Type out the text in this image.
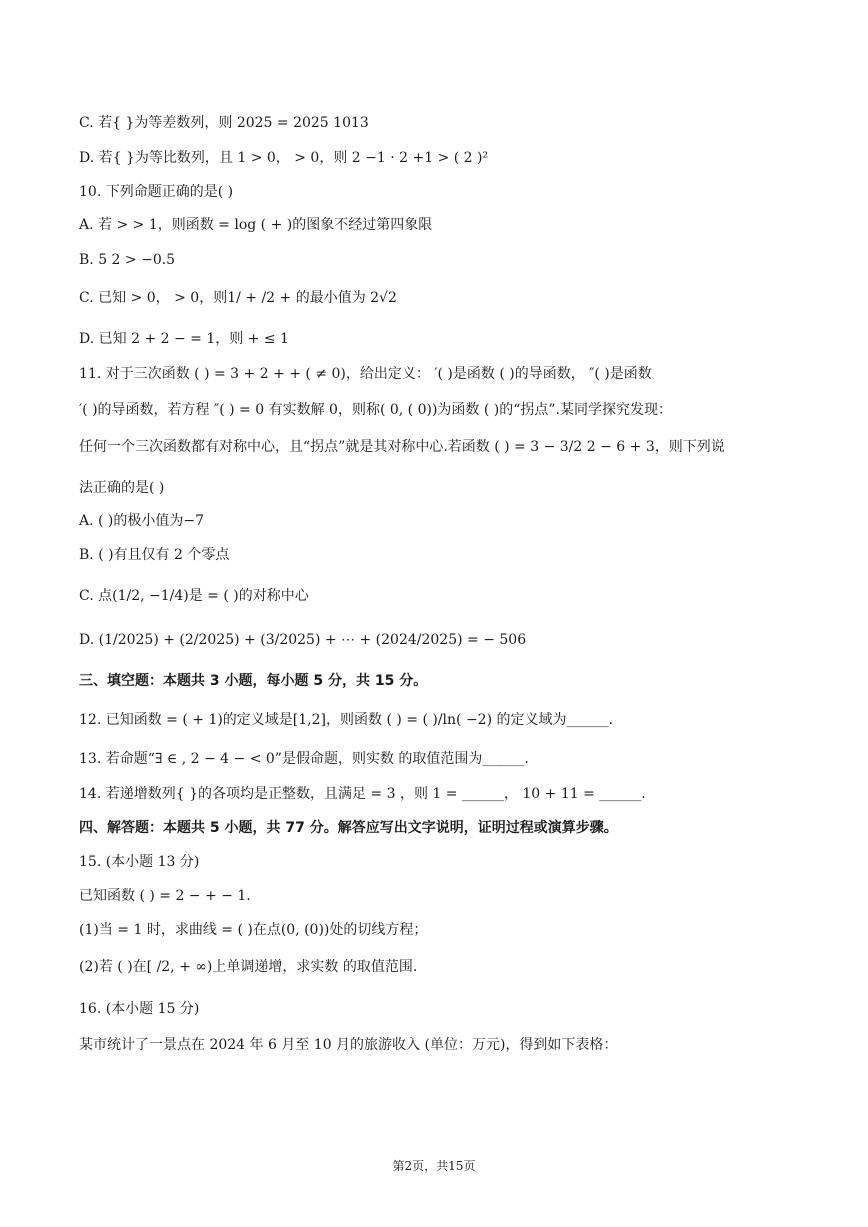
C. 若{ }为等差数列，则 2025 = 2025 1013
D. 若{ }为等比数列，且 1 > 0， > 0，则 2 −1 · 2 +1 > ( 2 )²
10. 下列命题正确的是( )
A. 若 > > 1，则函数 = log ( + )的图象不经过第四象限
B. 5 2 > −0.5
C. 已知 > 0， > 0，则1/ + /2 + 的最小值为 2√2
D. 已知 2 + 2 − = 1，则 + ≤ 1
11. 对于三次函数 ( ) = 3 + 2 + + ( ≠ 0)，给出定义： ′( )是函数 ( )的导函数， ″( )是函数
′( )的导函数，若方程 ″( ) = 0 有实数解 0，则称( 0, ( 0))为函数 ( )的“拐点”.某同学探究发现：
任何一个三次函数都有对称中心，且“拐点”就是其对称中心.若函数 ( ) = 3 − 3/2 2 − 6 + 3，则下列说
法正确的是( )
A. ( )的极小值为−7
B. ( )有且仅有 2 个零点
C. 点(1/2, −1/4)是 = ( )的对称中心
D. (1/2025) + (2/2025) + (3/2025) + ⋯ + (2024/2025) = − 506
三、填空题：本题共 3 小题，每小题 5 分，共 15 分。
12. 已知函数 = ( + 1)的定义域是[1,2]，则函数 ( ) = ( )/ln( −2) 的定义域为______.
13. 若命题“∃ ∈ , 2 − 4 − < 0”是假命题，则实数 的取值范围为______.
14. 若递增数列{ }的各项均是正整数，且满足 = 3 ，则 1 = ______， 10 + 11 = ______.
四、解答题：本题共 5 小题，共 77 分。解答应写出文字说明，证明过程或演算步骤。
15. (本小题 13 分)
已知函数 ( ) = 2 − + − 1.
(1)当 = 1 时，求曲线 = ( )在点(0, (0))处的切线方程；
(2)若 ( )在[ /2, + ∞)上单调递增，求实数 的取值范围.
16. (本小题 15 分)
某市统计了一景点在 2024 年 6 月至 10 月的旅游收入 (单位：万元)，得到如下表格：
第2页，共15页
